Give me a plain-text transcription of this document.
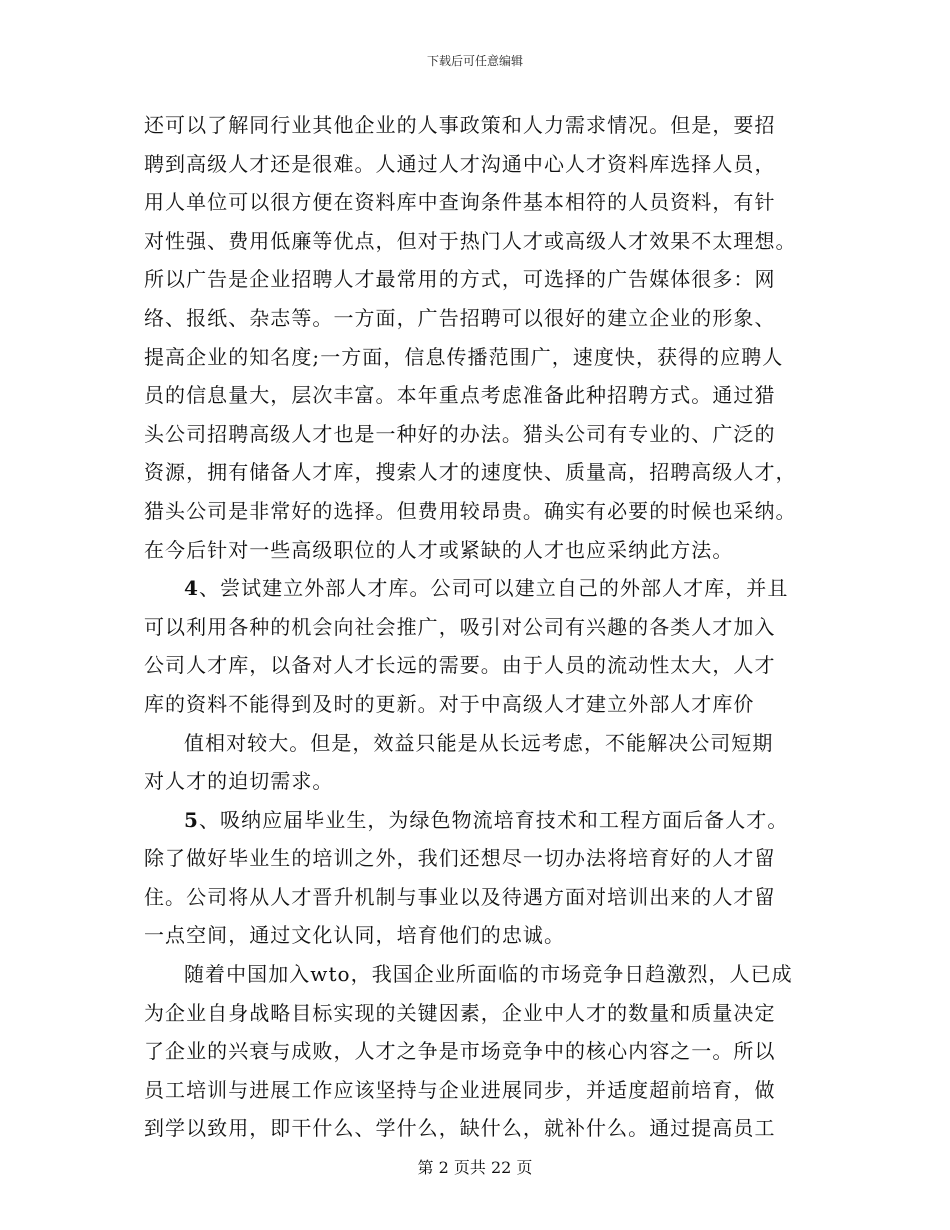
下载后可任意编辑
还可以了解同行业其他企业的人事政策和人力需求情况。但是，要招
聘到高级人才还是很难。人通过人才沟通中心人才资料库选择人员，
用人单位可以很方便在资料库中查询条件基本相符的人员资料，有针
对性强、费用低廉等优点，但对于热门人才或高级人才效果不太理想。
所以广告是企业招聘人才最常用的方式，可选择的广告媒体很多：网
络、报纸、杂志等。一方面，广告招聘可以很好的建立企业的形象、
提高企业的知名度;一方面，信息传播范围广，速度快，获得的应聘人
员的信息量大，层次丰富。本年重点考虑准备此种招聘方式。通过猎
头公司招聘高级人才也是一种好的办法。猎头公司有专业的、广泛的
资源，拥有储备人才库，搜索人才的速度快、质量高，招聘高级人才，
猎头公司是非常好的选择。但费用较昂贵。确实有必要的时候也采纳。
在今后针对一些高级职位的人才或紧缺的人才也应采纳此方法。
4、尝试建立外部人才库。公司可以建立自己的外部人才库，并且
可以利用各种的机会向社会推广，吸引对公司有兴趣的各类人才加入
公司人才库，以备对人才长远的需要。由于人员的流动性太大，人才
库的资料不能得到及时的更新。对于中高级人才建立外部人才库价
值相对较大。但是，效益只能是从长远考虑，不能解决公司短期
对人才的迫切需求。
5、吸纳应届毕业生，为绿色物流培育技术和工程方面后备人才。
除了做好毕业生的培训之外，我们还想尽一切办法将培育好的人才留
住。公司将从人才晋升机制与事业以及待遇方面对培训出来的人才留
一点空间，通过文化认同，培育他们的忠诚。
随着中国加入wto，我国企业所面临的市场竞争日趋激烈，人已成
为企业自身战略目标实现的关键因素，企业中人才的数量和质量决定
了企业的兴衰与成败，人才之争是市场竞争中的核心内容之一。所以
员工培训与进展工作应该坚持与企业进展同步，并适度超前培育，做
到学以致用，即干什么、学什么，缺什么，就补什么。通过提高员工
第 2 页共 22 页
